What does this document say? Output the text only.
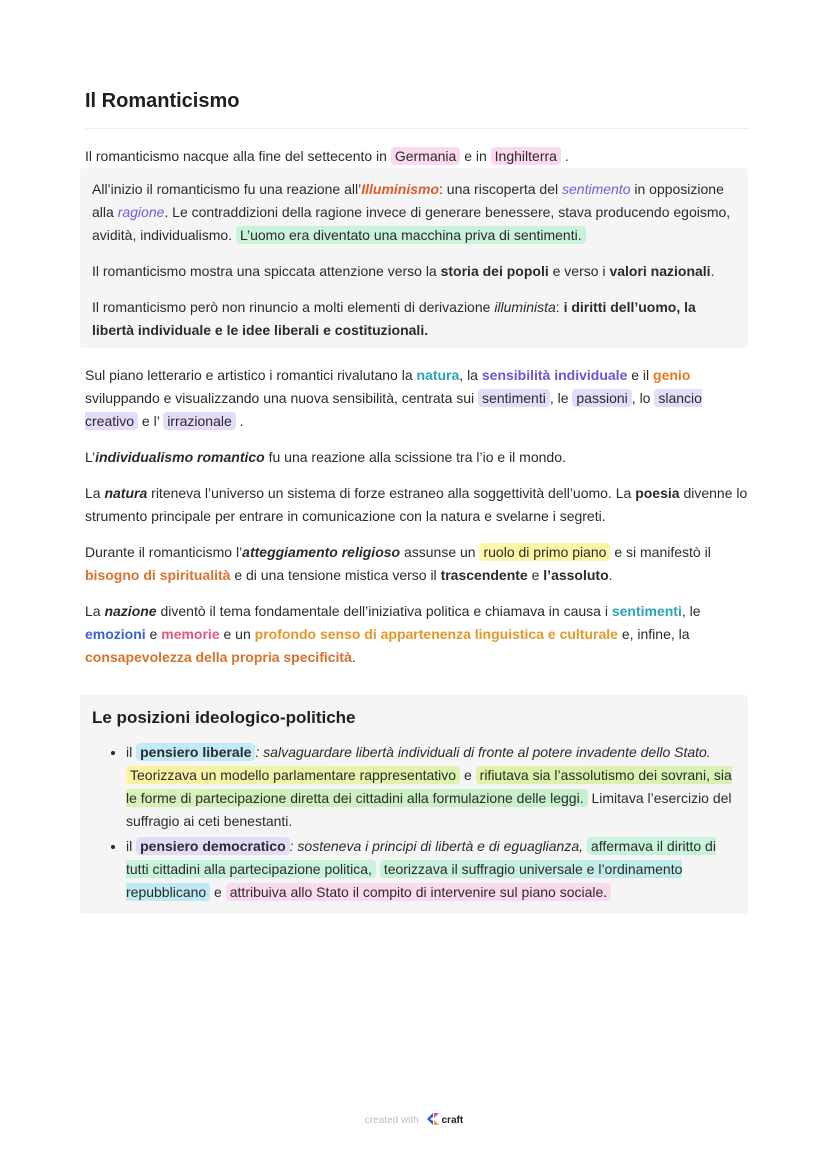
Il Romanticismo

Il romanticismo nacque alla fine del settecento in Germania e in Inghilterra .

All’inizio il romanticismo fu una reazione all’Illuminismo: una riscoperta del sentimento in opposizione alla ragione. Le contraddizioni della ragione invece di generare benessere, stava producendo egoismo, avidità, individualismo. L’uomo era diventato una macchina priva di sentimenti.

Il romanticismo mostra una spiccata attenzione verso la storia dei popoli e verso i valori nazionali.

Il romanticismo però non rinuncio a molti elementi di derivazione illuminista: i diritti dell’uomo, la libertà individuale e le idee liberali e costituzionali.

Sul piano letterario e artistico i romantici rivalutano la natura, la sensibilità individuale e il genio sviluppando e visualizzando una nuova sensibilità, centrata sui sentimenti , le passioni , lo slancio creativo e l’ irrazionale .

L’individualismo romantico fu una reazione alla scissione tra l’io e il mondo.

La natura riteneva l’universo un sistema di forze estraneo alla soggettività dell’uomo. La poesia divenne lo strumento principale per entrare in comunicazione con la natura e svelarne i segreti.

Durante il romanticismo l’atteggiamento religioso assunse un ruolo di primo piano e si manifestò il bisogno di spiritualità e di una tensione mistica verso il trascendente e l’assoluto.

La nazione diventò il tema fondamentale dell’iniziativa politica e chiamava in causa i sentimenti, le emozioni e memorie e un profondo senso di appartenenza linguistica e culturale e, infine, la consapevolezza della propria specificità.

Le posizioni ideologico-politiche
• il pensiero liberale : salvaguardare libertà individuali di fronte al potere invadente dello Stato. Teorizzava un modello parlamentare rappresentativo e rifiutava sia l’assolutismo dei sovrani, sia le forme di partecipazione diretta dei cittadini alla formulazione delle leggi. Limitava l’esercizio del suffragio ai ceti benestanti.
• il pensiero democratico : sostenevа i principi di libertà e di eguaglianza, affermava il diritto di tutti cittadini alla partecipazione politica, teorizzava il suffragio universale e l’ordinamento repubblicano e attribuiva allo Stato il compito di intervenire sul piano sociale.
created with craft
